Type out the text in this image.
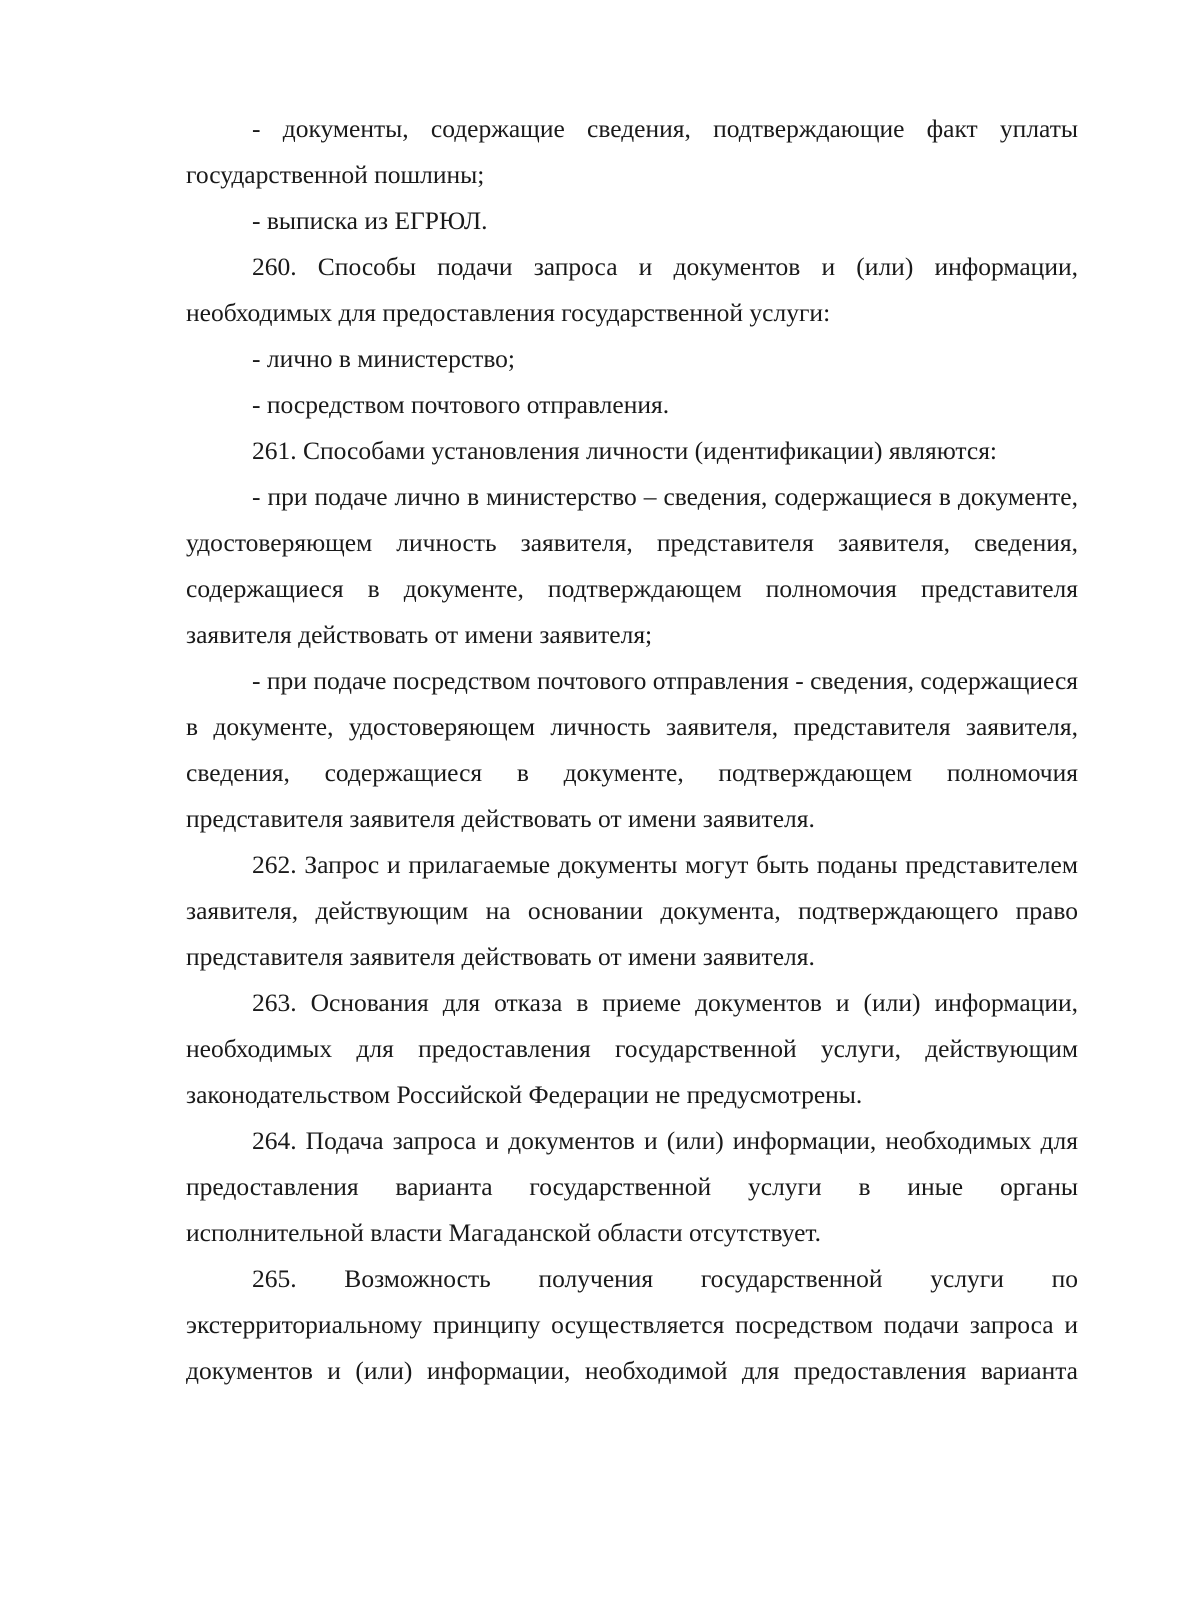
- документы, содержащие сведения, подтверждающие факт уплаты государственной пошлины;

- выписка из ЕГРЮЛ.

260. Способы подачи запроса и документов и (или) информации, необходимых для предоставления государственной услуги:

- лично в министерство;

- посредством почтового отправления.

261. Способами установления личности (идентификации) являются:

- при подаче лично в министерство – сведения, содержащиеся в документе, удостоверяющем личность заявителя, представителя заявителя, сведения, содержащиеся в документе, подтверждающем полномочия представителя заявителя действовать от имени заявителя;

- при подаче посредством почтового отправления - сведения, содержащиеся в документе, удостоверяющем личность заявителя, представителя заявителя, сведения, содержащиеся в документе, подтверждающем полномочия представителя заявителя действовать от имени заявителя.

262. Запрос и прилагаемые документы могут быть поданы представителем заявителя, действующим на основании документа, подтверждающего право представителя заявителя действовать от имени заявителя.

263. Основания для отказа в приеме документов и (или) информации, необходимых для предоставления государственной услуги, действующим законодательством Российской Федерации не предусмотрены.

264. Подача запроса и документов и (или) информации, необходимых для предоставления варианта государственной услуги в иные органы исполнительной власти Магаданской области отсутствует.

265. Возможность получения государственной услуги по экстерриториальному принципу осуществляется посредством подачи запроса и документов и (или) информации, необходимой для предоставления варианта
